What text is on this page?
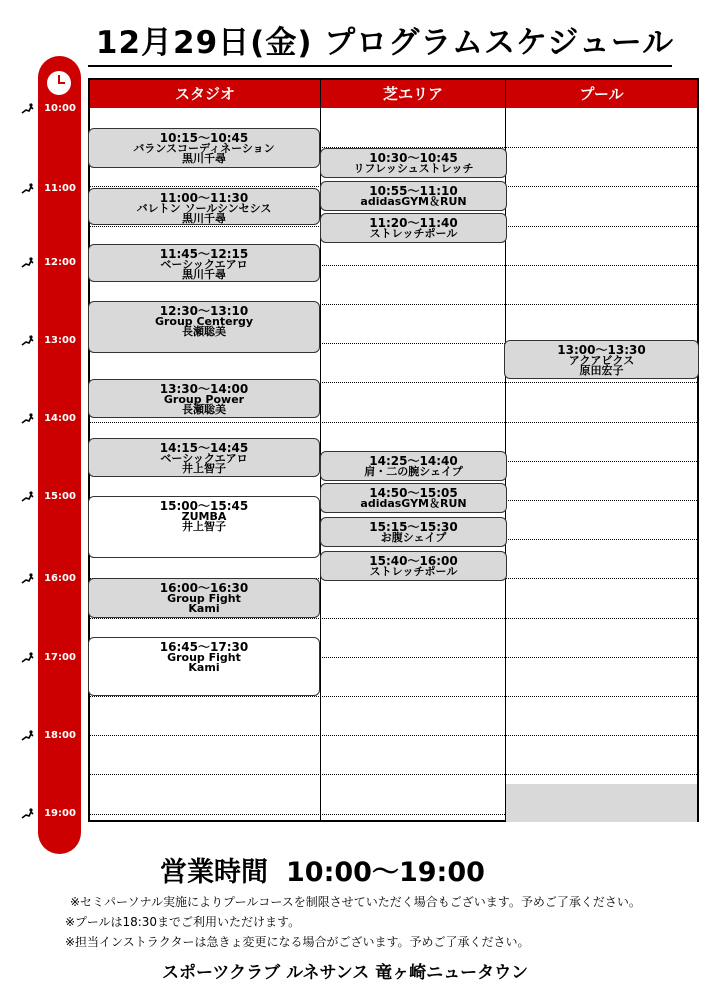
12月29日(金) プログラムスケジュール
10:00
11:00
12:00
13:00
14:00
15:00
16:00
17:00
18:00
19:00
スタジオ	芝エリア	プール
10:15～10:45
バランスコーディネーション
黒川千尋
11:00～11:30
バレトン ソールシンセシス
黒川千尋
11:45～12:15
ベーシックエアロ
黒川千尋
12:30～13:10
Group Centergy
長瀬聡美
13:30～14:00
Group Power
長瀬聡美
14:15～14:45
ベーシックエアロ
井上智子
15:00～15:45
ZUMBA
井上智子
16:00～16:30
Group Fight
Kami
16:45～17:30
Group Fight
Kami
10:30～10:45
リフレッシュストレッチ
10:55～11:10
adidasGYM＆RUN
11:20～11:40
ストレッチポール
14:25～14:40
肩・二の腕シェイプ
14:50～15:05
adidasGYM＆RUN
15:15～15:30
お腹シェイプ
15:40～16:00
ストレッチポール
13:00～13:30
アクアビクス
原田宏子
営業時間 10:00～19:00
※セミパーソナル実施によりプールコースを制限させていただく場合もございます。予めご了承ください。
※プールは18:30までご利用いただけます。
※担当インストラクターは急きょ変更になる場合がございます。予めご了承ください。
スポーツクラブ ルネサンス 竜ヶ崎ニュータウン
